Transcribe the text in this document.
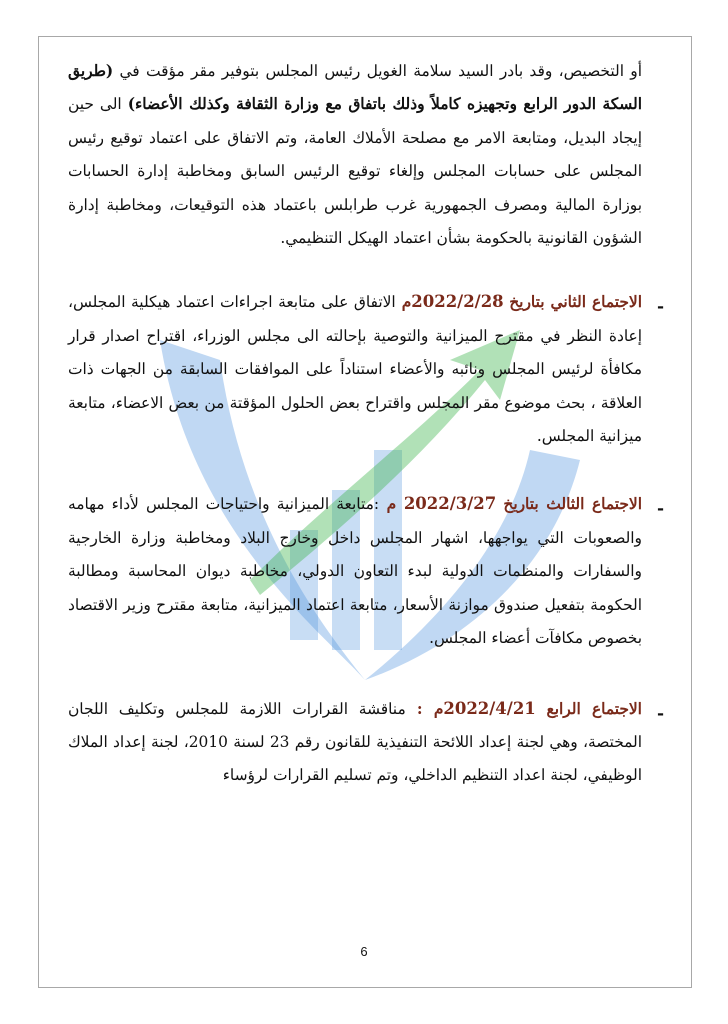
أو التخصيص، وقد بادر السيد سلامة الغويل رئيس المجلس بتوفير مقر مؤقت في (طريق السكة الدور الرابع وتجهيزه كاملاً وذلك باتفاق مع وزارة الثقافة وكذلك الأعضاء) الى حين إيجاد البديل، ومتابعة الامر مع مصلحة الأملاك العامة، وتم الاتفاق على اعتماد توقيع رئيس المجلس على حسابات المجلس وإلغاء توقيع الرئيس السابق ومخاطبة إدارة الحسابات بوزارة المالية ومصرف الجمهورية غرب طرابلس باعتماد هذه التوقيعات، ومخاطبة إدارة الشؤون القانونية بالحكومة بشأن اعتماد الهيكل التنظيمي.

-

الاجتماع الثاني بتاريخ 2022/2/28م الاتفاق على متابعة اجراءات اعتماد هيكلية المجلس، إعادة النظر في مقترح الميزانية والتوصية بإحالته الى مجلس الوزراء، اقتراح اصدار قرار مكافأة لرئيس المجلس ونائبه والأعضاء استناداً على الموافقات السابقة من الجهات ذات العلاقة ، بحث موضوع مقر المجلس واقتراح بعض الحلول المؤقتة من بعض الاعضاء، متابعة ميزانية المجلس.

-

الاجتماع الثالث بتاريخ 2022/3/27 م :متابعة الميزانية واحتياجات المجلس لأداء مهامه والصعوبات التي يواجهها، اشهار المجلس داخل وخارج البلاد ومخاطبة وزارة الخارجية والسفارات والمنظمات الدولية لبدء التعاون الدولي، مخاطبة ديوان المحاسبة ومطالبة الحكومة بتفعيل صندوق موازنة الأسعار، متابعة اعتماد الميزانية، متابعة مقترح وزير الاقتصاد بخصوص مكافآت أعضاء المجلس.

-

الاجتماع الرابع 2022/4/21م : مناقشة القرارات اللازمة للمجلس وتكليف اللجان المختصة، وهي لجنة إعداد اللائحة التنفيذية للقانون رقم 23 لسنة 2010، لجنة إعداد الملاك الوظيفي، لجنة اعداد التنظيم الداخلي، وتم تسليم القرارات لرؤساء

6
